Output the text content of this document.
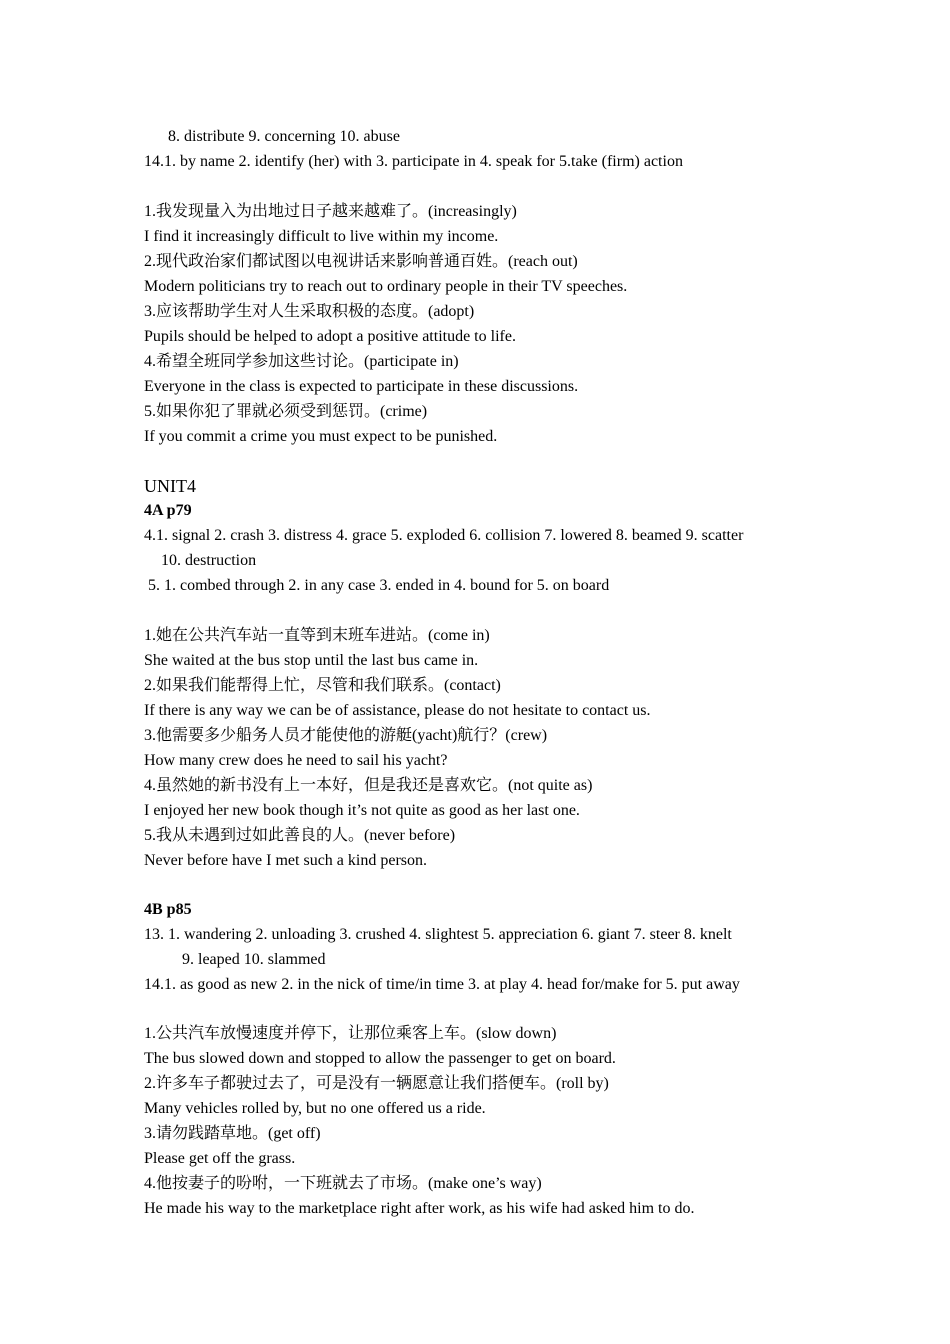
8. distribute 9. concerning 10. abuse
14.1. by name 2. identify (her) with 3. participate in 4. speak for 5.take (firm) action
1.我发现量入为出地过日子越来越难了。(increasingly)
I find it increasingly difficult to live within my income.
2.现代政治家们都试图以电视讲话来影响普通百姓。(reach out)
Modern politicians try to reach out to ordinary people in their TV speeches.
3.应该帮助学生对人生采取积极的态度。(adopt)
Pupils should be helped to adopt a positive attitude to life.
4.希望全班同学参加这些讨论。(participate in)
Everyone in the class is expected to participate in these discussions.
5.如果你犯了罪就必须受到惩罚。(crime)
If you commit a crime you must expect to be punished.
UNIT4
4A p79
4.1. signal 2. crash 3. distress 4. grace 5. exploded 6. collision 7. lowered 8. beamed 9. scatter
10. destruction
5. 1. combed through 2. in any case 3. ended in 4. bound for 5. on board
1.她在公共汽车站一直等到末班车进站。(come in)
She waited at the bus stop until the last bus came in.
2.如果我们能帮得上忙，尽管和我们联系。(contact)
If there is any way we can be of assistance, please do not hesitate to contact us.
3.他需要多少船务人员才能使他的游艇(yacht)航行？(crew)
How many crew does he need to sail his yacht?
4.虽然她的新书没有上一本好，但是我还是喜欢它。(not quite as)
I enjoyed her new book though it’s not quite as good as her last one.
5.我从未遇到过如此善良的人。(never before)
Never before have I met such a kind person.
4B p85
13. 1. wandering 2. unloading 3. crushed 4. slightest 5. appreciation 6. giant 7. steer 8. knelt
9. leaped 10. slammed
14.1. as good as new 2. in the nick of time/in time 3. at play 4. head for/make for 5. put away
1.公共汽车放慢速度并停下，让那位乘客上车。(slow down)
The bus slowed down and stopped to allow the passenger to get on board.
2.许多车子都驶过去了，可是没有一辆愿意让我们搭便车。(roll by)
Many vehicles rolled by, but no one offered us a ride.
3.请勿践踏草地。(get off)
Please get off the grass.
4.他按妻子的吩咐，一下班就去了市场。(make one’s way)
He made his way to the marketplace right after work, as his wife had asked him to do.
